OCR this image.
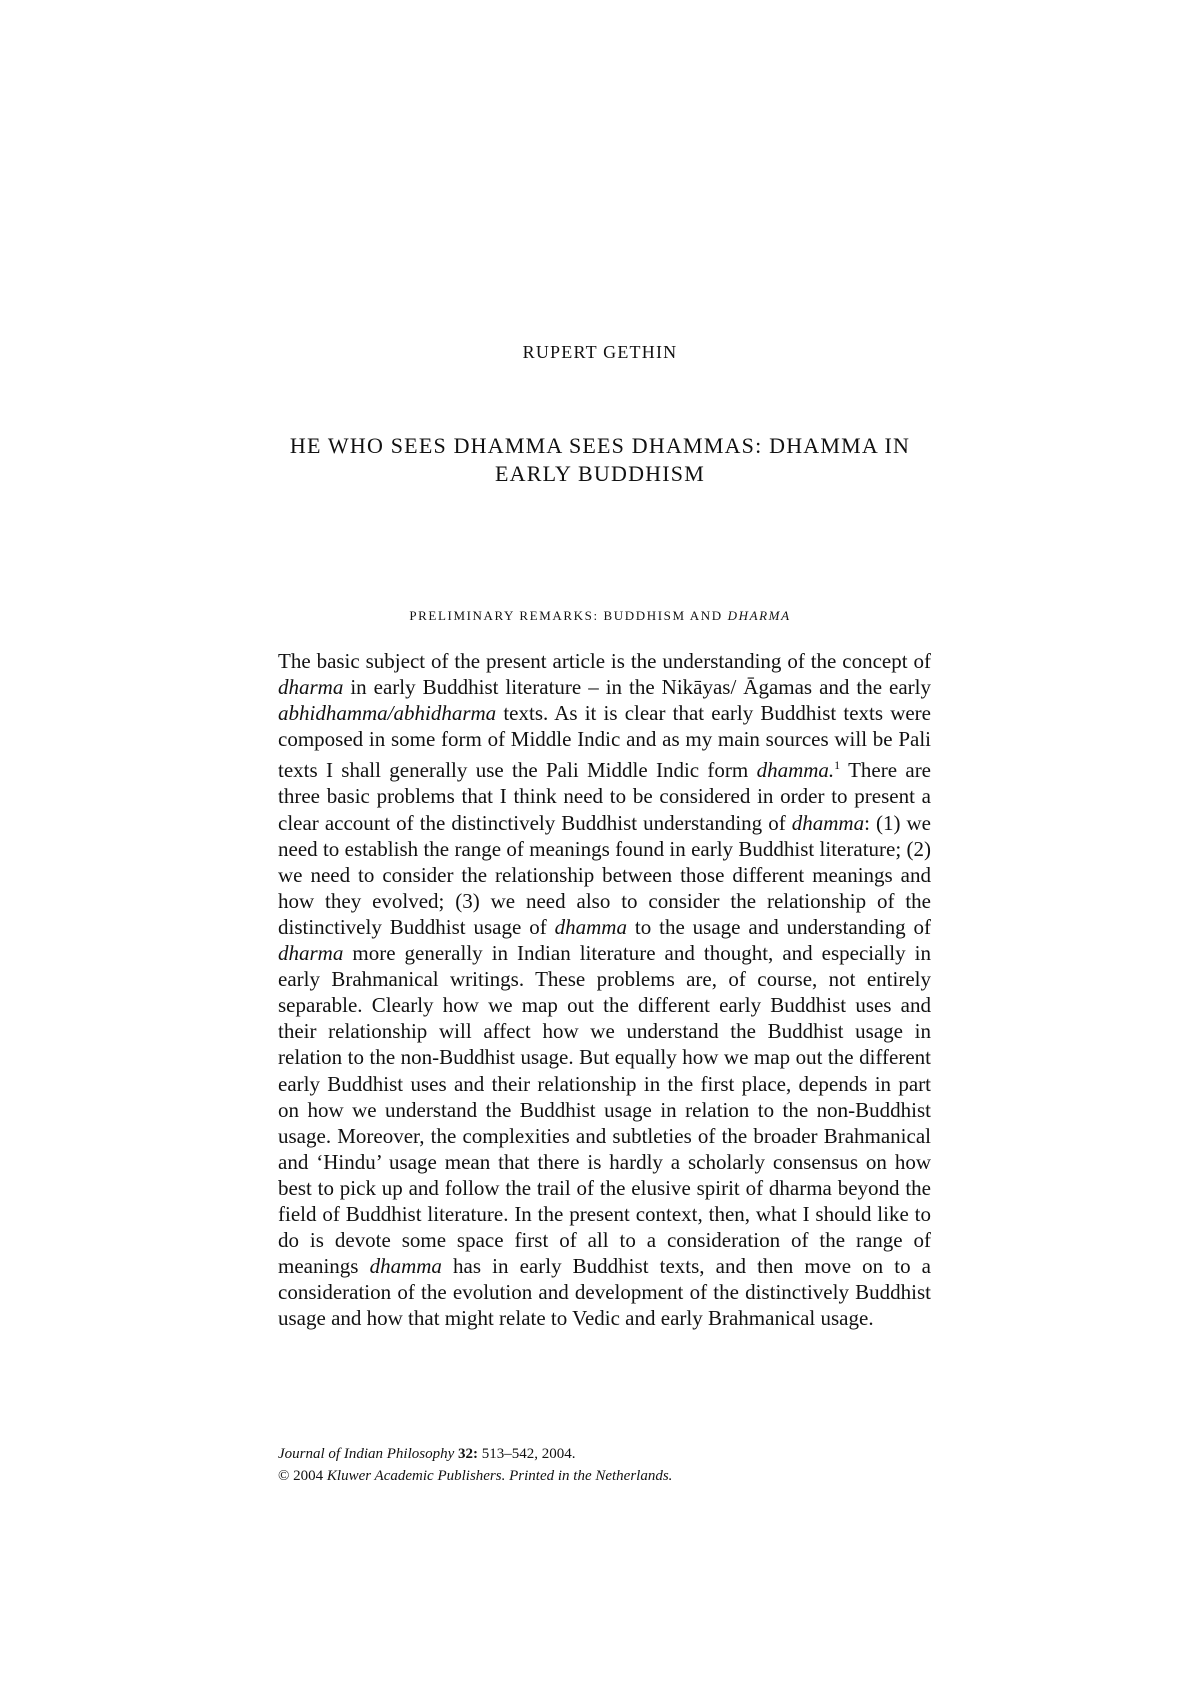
RUPERT GETHIN
HE WHO SEES DHAMMA SEES DHAMMAS: DHAMMA IN
EARLY BUDDHISM
PRELIMINARY REMARKS: BUDDHISM AND DHARMA

The basic subject of the present article is the understanding of the concept of dharma in early Buddhist literature – in the Nikāyas/ Āgamas and the early abhidhamma/abhidharma texts. As it is clear that early Buddhist texts were composed in some form of Middle Indic and as my main sources will be Pali texts I shall generally use the Pali Middle Indic form dhamma.$^1$ There are three basic problems that I think need to be considered in order to present a clear account of the distinctively Buddhist understanding of dhamma: (1) we need to establish the range of meanings found in early Buddhist literature; (2) we need to consider the relationship between those different meanings and how they evolved; (3) we need also to consider the relationship of the distinctively Buddhist usage of dhamma to the usage and understanding of dharma more generally in Indian literature and thought, and especially in early Brahmanical writings. These problems are, of course, not entirely separable. Clearly how we map out the different early Buddhist uses and their relationship will affect how we understand the Buddhist usage in relation to the non-Buddhist usage. But equally how we map out the different early Buddhist uses and their relationship in the first place, depends in part on how we understand the Buddhist usage in relation to the non-Buddhist usage. Moreover, the complexities and subtleties of the broader Brahmanical and ‘Hindu’ usage mean that there is hardly a scholarly consensus on how best to pick up and follow the trail of the elusive spirit of dharma beyond the field of Buddhist literature. In the present context, then, what I should like to do is devote some space first of all to a consideration of the range of meanings dhamma has in early Buddhist texts, and then move on to a consideration of the evolution and development of the distinctively Buddhist usage and how that might relate to Vedic and early Brahmanical usage.

Journal of Indian Philosophy 32: 513–542, 2004.
© 2004 Kluwer Academic Publishers. Printed in the Netherlands.
